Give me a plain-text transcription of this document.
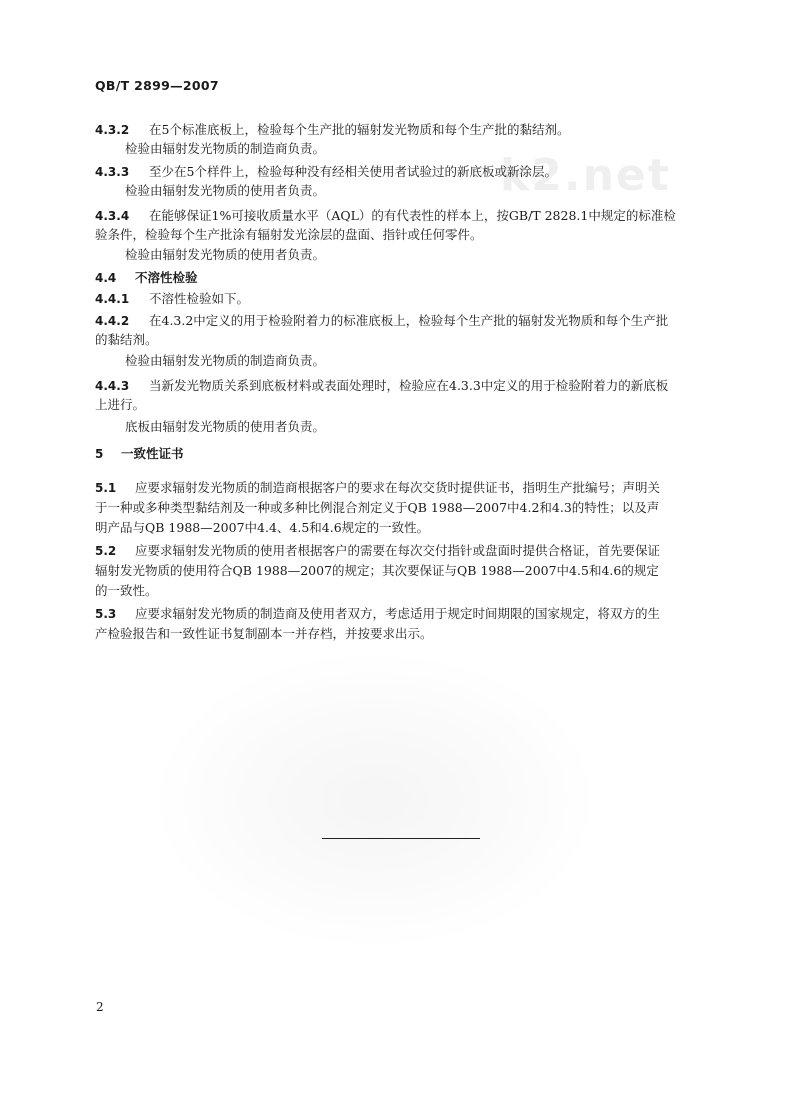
k2.net
QB/T 2899—2007
4.3.2 在5个标准底板上，检验每个生产批的辐射发光物质和每个生产批的黏结剂。
检验由辐射发光物质的制造商负责。
4.3.3 至少在5个样件上，检验每种没有经相关使用者试验过的新底板或新涂层。
检验由辐射发光物质的使用者负责。
4.3.4 在能够保证1%可接收质量水平（AQL）的有代表性的样本上，按GB/T 2828.1中规定的标准检
验条件，检验每个生产批涂有辐射发光涂层的盘面、指针或任何零件。
检验由辐射发光物质的使用者负责。
4.4 不溶性检验
4.4.1 不溶性检验如下。
4.4.2 在4.3.2中定义的用于检验附着力的标准底板上，检验每个生产批的辐射发光物质和每个生产批
的黏结剂。
检验由辐射发光物质的制造商负责。
4.4.3 当新发光物质关系到底板材料或表面处理时，检验应在4.3.3中定义的用于检验附着力的新底板
上进行。
底板由辐射发光物质的使用者负责。
5 一致性证书
5.1 应要求辐射发光物质的制造商根据客户的要求在每次交货时提供证书，指明生产批编号；声明关
于一种或多种类型黏结剂及一种或多种比例混合剂定义于QB 1988—2007中4.2和4.3的特性；以及声
明产品与QB 1988—2007中4.4、4.5和4.6规定的一致性。
5.2 应要求辐射发光物质的使用者根据客户的需要在每次交付指针或盘面时提供合格证，首先要保证
辐射发光物质的使用符合QB 1988—2007的规定；其次要保证与QB 1988—2007中4.5和4.6的规定
的一致性。
5.3 应要求辐射发光物质的制造商及使用者双方，考虑适用于规定时间期限的国家规定，将双方的生
产检验报告和一致性证书复制副本一并存档，并按要求出示。
2
